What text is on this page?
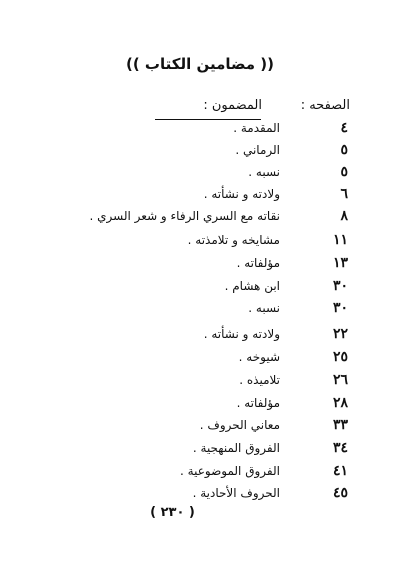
(( مضامين الكتاب ))
الصفحه :
المضمون :
٤
المقدمة .
٥
الرماني .
٥
نسبه .
٦
ولادته و نشأته .
٨
نقاته مع السري الرفاء و شعر السري .
١١
مشايخه و تلامذته .
١٣
مؤلفاته .
٣٠
ابن هشام .
٣٠
نسبه .
٢٢
ولادته و نشأته .
٢٥
شيوخه .
٢٦
تلاميذه .
٢٨
مؤلفاته .
٣٣
معاني الحروف .
٣٤
الفروق المنهجية .
٤١
الفروق الموضوعية .
٤٥
الحروف الأحادية .
( ٢٣٠ )
